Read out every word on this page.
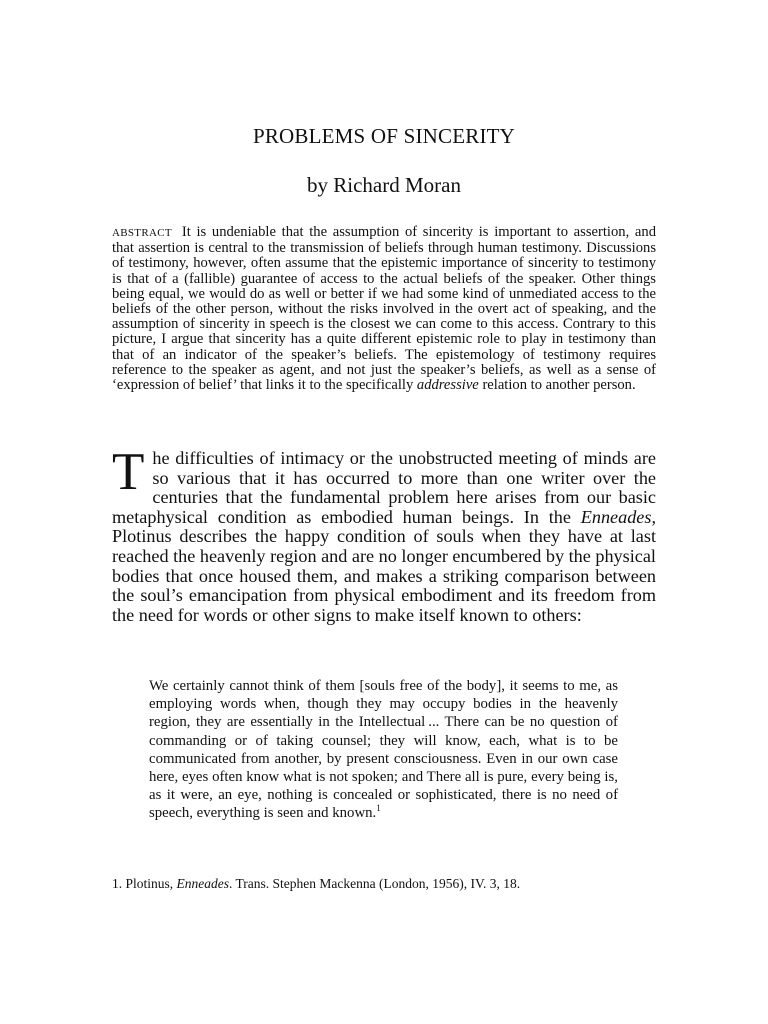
PROBLEMS OF SINCERITY
by Richard Moran

ABSTRACT It is undeniable that the assumption of sincerity is important to assertion, and that assertion is central to the transmission of beliefs through human testimony. Discussions of testimony, however, often assume that the epistemic importance of sincerity to testimony is that of a (fallible) guarantee of access to the actual beliefs of the speaker. Other things being equal, we would do as well or better if we had some kind of unmediated access to the beliefs of the other person, without the risks involved in the overt act of speaking, and the assumption of sincerity in speech is the closest we can come to this access. Contrary to this picture, I argue that sincerity has a quite different epistemic role to play in testimony than that of an indicator of the speaker’s beliefs. The epistemology of testimony requires reference to the speaker as agent, and not just the speaker’s beliefs, as well as a sense of ‘expression of belief’ that links it to the specifically addressive relation to another person.

The difficulties of intimacy or the unobstructed meeting of minds are so various that it has occurred to more than one writer over the centuries that the fundamental problem here arises from our basic metaphysical condition as embodied human beings. In the Enneades, Plotinus describes the happy condition of souls when they have at last reached the heavenly region and are no longer encumbered by the physical bodies that once housed them, and makes a striking comparison between the soul’s emancipation from physical embodiment and its freedom from the need for words or other signs to make itself known to others:

We certainly cannot think of them [souls free of the body], it seems to me, as employing words when, though they may occupy bodies in the heavenly region, they are essentially in the Intellectual ... There can be no question of commanding or of taking counsel; they will know, each, what is to be communicated from another, by present consciousness. Even in our own case here, eyes often know what is not spoken; and There all is pure, every being is, as it were, an eye, nothing is concealed or sophisticated, there is no need of speech, everything is seen and known.$^1$

1. Plotinus, Enneades. Trans. Stephen Mackenna (London, 1956), IV. 3, 18.
